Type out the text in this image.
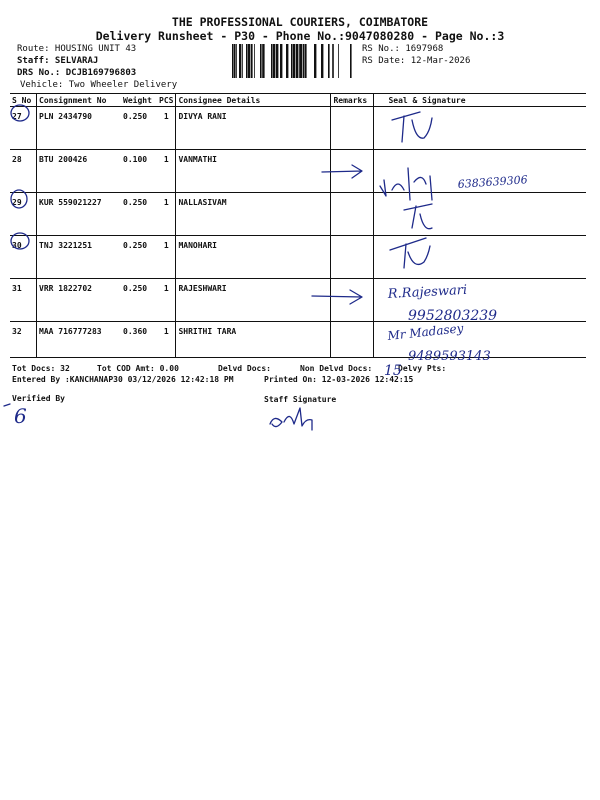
THE PROFESSIONAL COURIERS, COIMBATORE
Delivery Runsheet - P30 - Phone No.:9047080280 - Page No.:3
Route: HOUSING UNIT 43
Staff: SELVARAJ
DRS No.: DCJB169796803
Vehicle: Two Wheeler Delivery
RS No.: 1697968
RS Date: 12-Mar-2026
S No	Consignment No	Weight	PCS	Consignee Details	Remarks	Seal & Signature
27	PLN 2434790	0.250	1	DIVYA RANI		
28	BTU 200426	0.100	1	VANMATHI		
29	KUR 559021227	0.250	1	NALLASIVAM		
30	TNJ 3221251	0.250	1	MANOHARI		
31	VRR 1822702	0.250	1	RAJESHWARI		
32	MAA 716777283	0.360	1	SHRITHI TARA		
Tot Docs: 32	Tot COD Amt: 0.00	Delvd Docs:	Non Delvd Docs:	Delvy Pts:
Entered By :KANCHANAP30 03/12/2026 12:42:18 PM	Printed On: 12-03-2026 12:42:15
Verified By	Staff Signature
6383639306
R.Rajeswari
9952803239
Mr Madasey
9489593143
15
6
